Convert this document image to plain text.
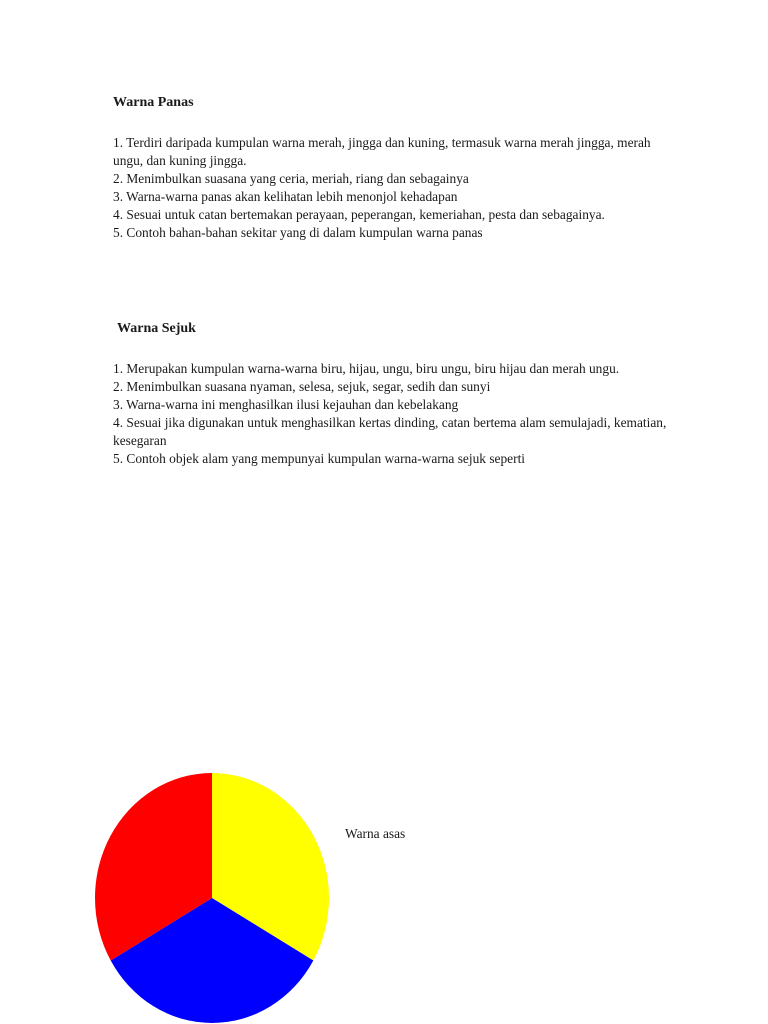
Warna Panas

1. Terdiri daripada kumpulan warna merah, jingga dan kuning, termasuk warna merah jingga, merah ungu, dan kuning jingga.
2. Menimbulkan suasana yang ceria, meriah, riang dan sebagainya
3. Warna-warna panas akan kelihatan lebih menonjol kehadapan
4. Sesuai untuk catan bertemakan perayaan, peperangan, kemeriahan, pesta dan sebagainya.
5. Contoh bahan-bahan sekitar yang di dalam kumpulan warna panas

Warna Sejuk

1. Merupakan kumpulan warna-warna biru, hijau, ungu, biru ungu, biru hijau dan merah ungu.
2. Menimbulkan suasana nyaman, selesa, sejuk, segar, sedih dan sunyi
3. Warna-warna ini menghasilkan ilusi kejauhan dan kebelakang
4. Sesuai jika digunakan untuk menghasilkan kertas dinding, catan bertema alam semulajadi, kematian, kesegaran
5. Contoh objek alam yang mempunyai kumpulan warna-warna sejuk seperti

Warna asas
